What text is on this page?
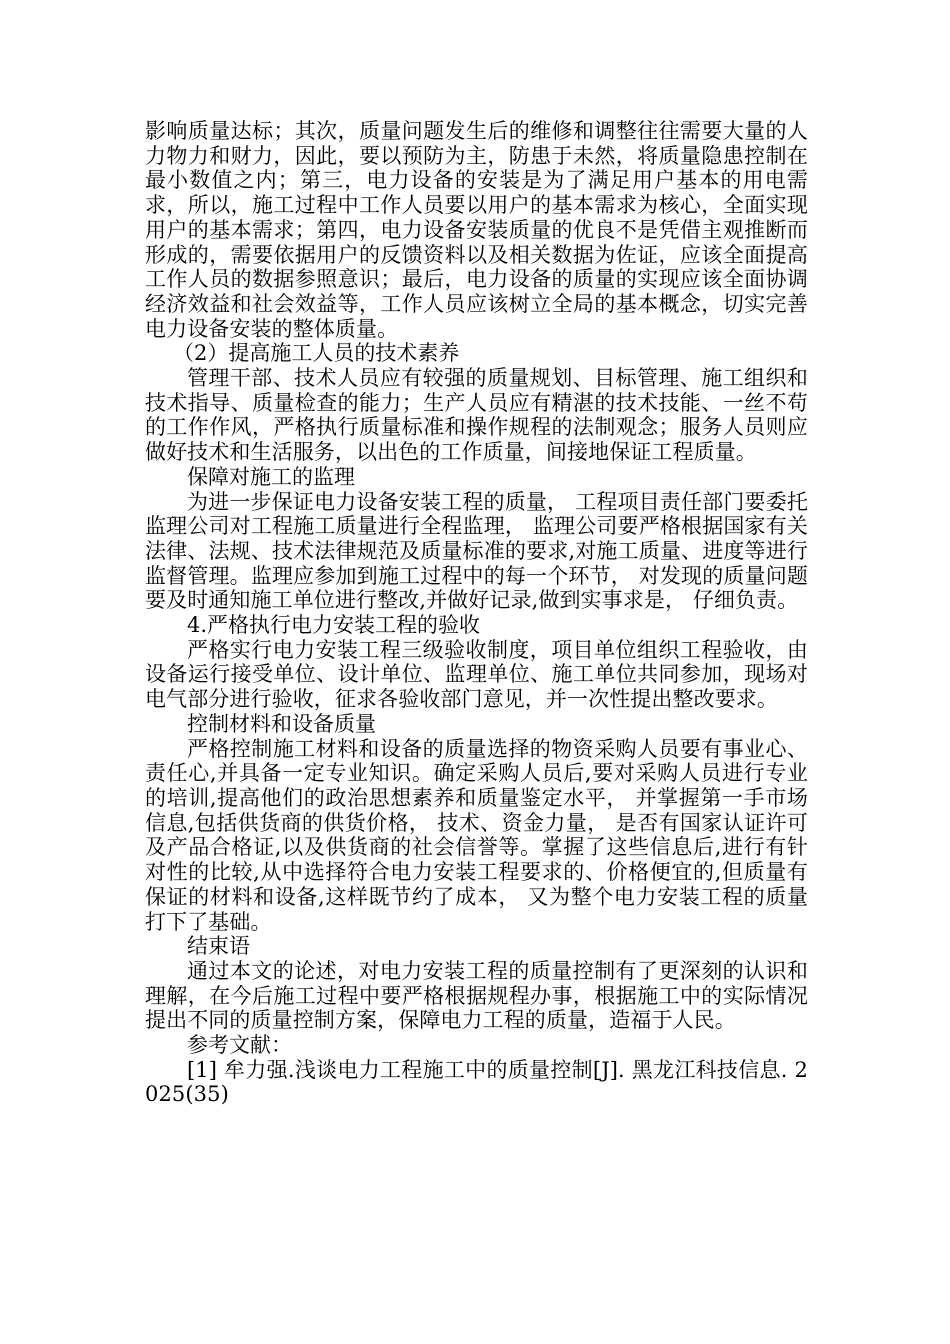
影响质量达标；其次，质量问题发生后的维修和调整往往需要大量的人力物力和财力，因此，要以预防为主，防患于未然，将质量隐患控制在最小数值之内；第三，电力设备的安装是为了满足用户基本的用电需求，所以，施工过程中工作人员要以用户的基本需求为核心，全面实现用户的基本需求；第四，电力设备安装质量的优良不是凭借主观推断而形成的，需要依据用户的反馈资料以及相关数据为佐证，应该全面提高工作人员的数据参照意识；最后，电力设备的质量的实现应该全面协调经济效益和社会效益等，工作人员应该树立全局的基本概念，切实完善电力设备安装的整体质量。

（2）提高施工人员的技术素养

管理干部、技术人员应有较强的质量规划、目标管理、施工组织和技术指导、质量检查的能力；生产人员应有精湛的技术技能、一丝不苟的工作作风，严格执行质量标准和操作规程的法制观念；服务人员则应做好技术和生活服务，以出色的工作质量，间接地保证工程质量。

保障对施工的监理

为进一步保证电力设备安装工程的质量， 工程项目责任部门要委托监理公司对工程施工质量进行全程监理， 监理公司要严格根据国家有关法律、法规、技术法律规范及质量标准的要求,对施工质量、进度等进行监督管理。监理应参加到施工过程中的每一个环节， 对发现的质量问题要及时通知施工单位进行整改,并做好记录,做到实事求是， 仔细负责。

4.严格执行电力安装工程的验收

严格实行电力安装工程三级验收制度，项目单位组织工程验收，由设备运行接受单位、设计单位、监理单位、施工单位共同参加，现场对电气部分进行验收，征求各验收部门意见，并一次性提出整改要求。

控制材料和设备质量

严格控制施工材料和设备的质量选择的物资采购人员要有事业心、责任心,并具备一定专业知识。确定采购人员后,要对采购人员进行专业的培训,提高他们的政治思想素养和质量鉴定水平， 并掌握第一手市场信息,包括供货商的供货价格， 技术、资金力量， 是否有国家认证许可及产品合格证,以及供货商的社会信誉等。掌握了这些信息后,进行有针对性的比较,从中选择符合电力安装工程要求的、价格便宜的,但质量有保证的材料和设备,这样既节约了成本， 又为整个电力安装工程的质量打下了基础。

结束语

通过本文的论述，对电力安装工程的质量控制有了更深刻的认识和理解，在今后施工过程中要严格根据规程办事，根据施工中的实际情况提出不同的质量控制方案，保障电力工程的质量，造福于人民。

参考文献：

[1] 牟力强.浅谈电力工程施工中的质量控制[J]. 黑龙江科技信息. 2025(35)
